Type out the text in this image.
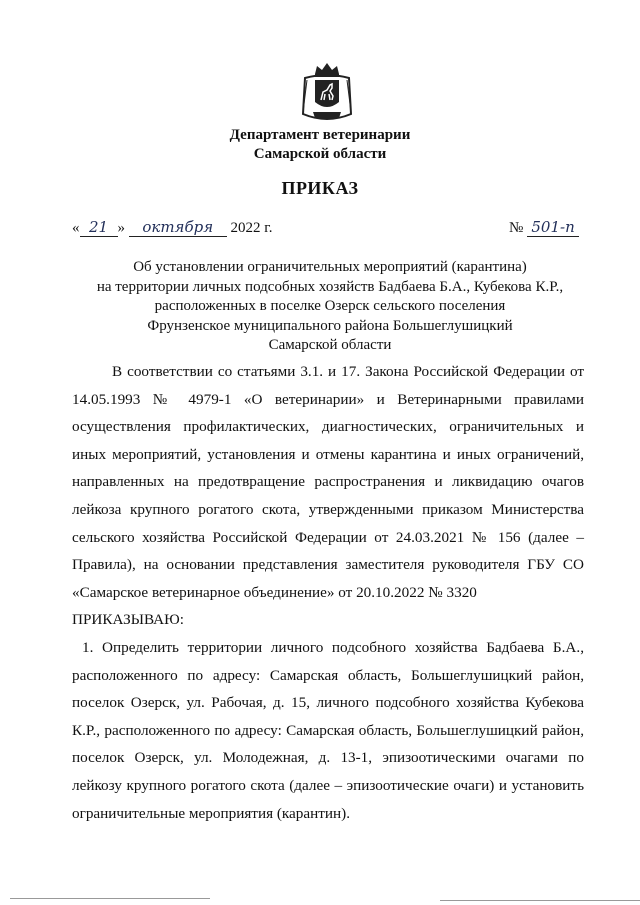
Департамент ветеринарии
Самарской области
ПРИКАЗ
« 21 » октября 2022 г.	№ 501-п
Об установлении ограничительных мероприятий (карантина)
на территории личных подсобных хозяйств Бадбаева Б.А., Кубекова К.Р.,
расположенных в поселке Озерск сельского поселения
Фрунзенское муниципального района Большеглушицкий
Самарской области

В соответствии со статьями 3.1. и 17. Закона Российской Федерации от 14.05.1993 № 4979-1 «О ветеринарии» и Ветеринарными правилами осуществления профилактических, диагностических, ограничительных и иных мероприятий, установления и отмены карантина и иных ограничений, направленных на предотвращение распространения и ликвидацию очагов лейкоза крупного рогатого скота, утвержденными приказом Министерства сельского хозяйства Российской Федерации от 24.03.2021 № 156 (далее – Правила), на основании представления заместителя руководителя ГБУ СО «Самарское ветеринарное объединение» от 20.10.2022 № 3320

ПРИКАЗЫВАЮ:

1. Определить территории личного подсобного хозяйства Бадбаева Б.А., расположенного по адресу: Самарская область, Большеглушицкий район, поселок Озерск, ул. Рабочая, д. 15, личного подсобного хозяйства Кубекова К.Р., расположенного по адресу: Самарская область, Большеглушицкий район, поселок Озерск, ул. Молодежная, д. 13-1, эпизоотическими очагами по лейкозу крупного рогатого скота (далее – эпизоотические очаги) и установить ограничительные мероприятия (карантин).
